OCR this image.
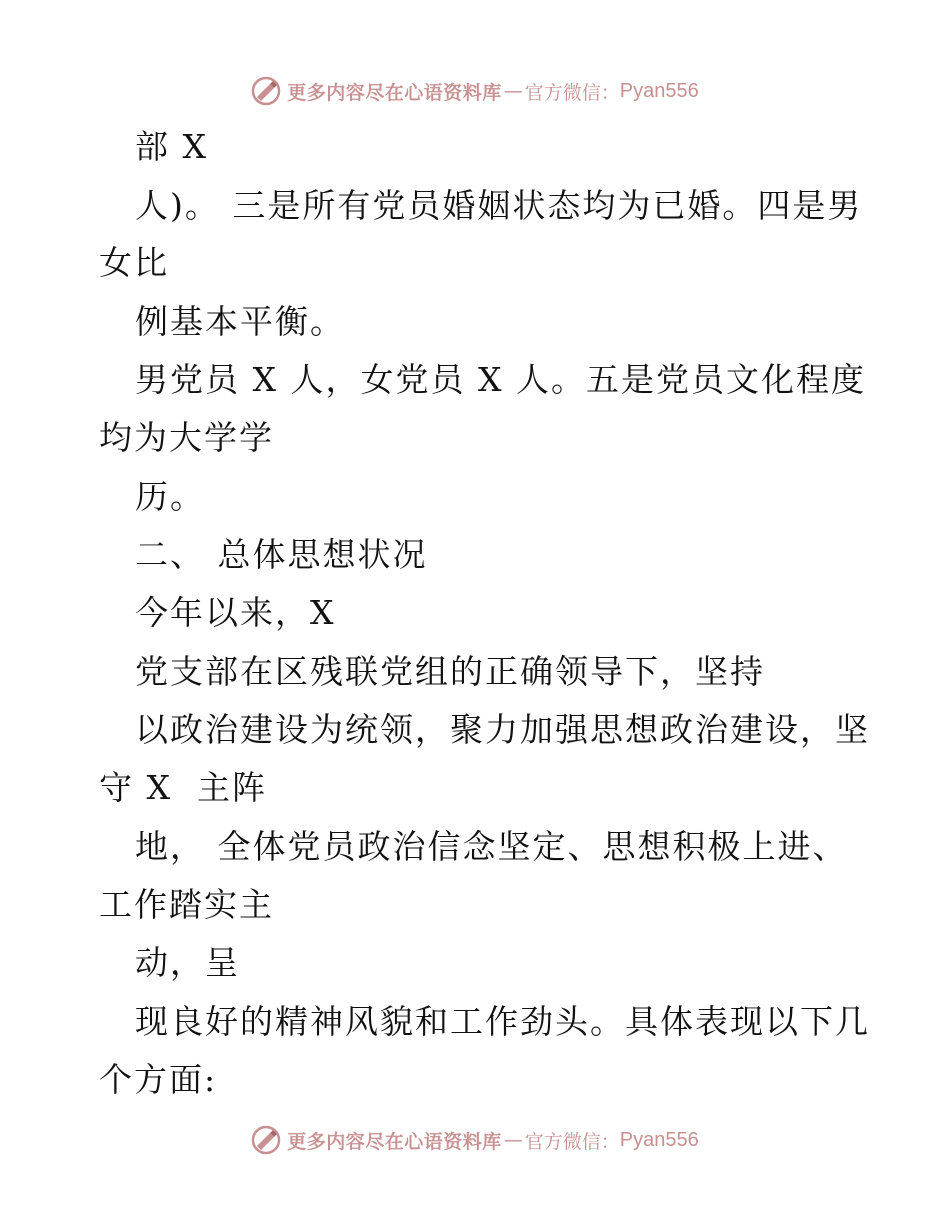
更多内容尽在心语资料库 — 官方微信： Pyan556
部 X
人)。 三是所有党员婚姻状态均为已婚。四是男
女比
例基本平衡。
男党员 X 人，女党员 X 人。五是党员文化程度
均为大学学
历。
二、 总体思想状况
今年以来，X
党支部在区残联党组的正确领导下，坚持
以政治建设为统领，聚力加强思想政治建设，坚
守 X  主阵
地， 全体党员政治信念坚定、思想积极上进、
工作踏实主
动，呈
现良好的精神风貌和工作劲头。具体表现以下几
个方面:
更多内容尽在心语资料库 — 官方微信： Pyan556
